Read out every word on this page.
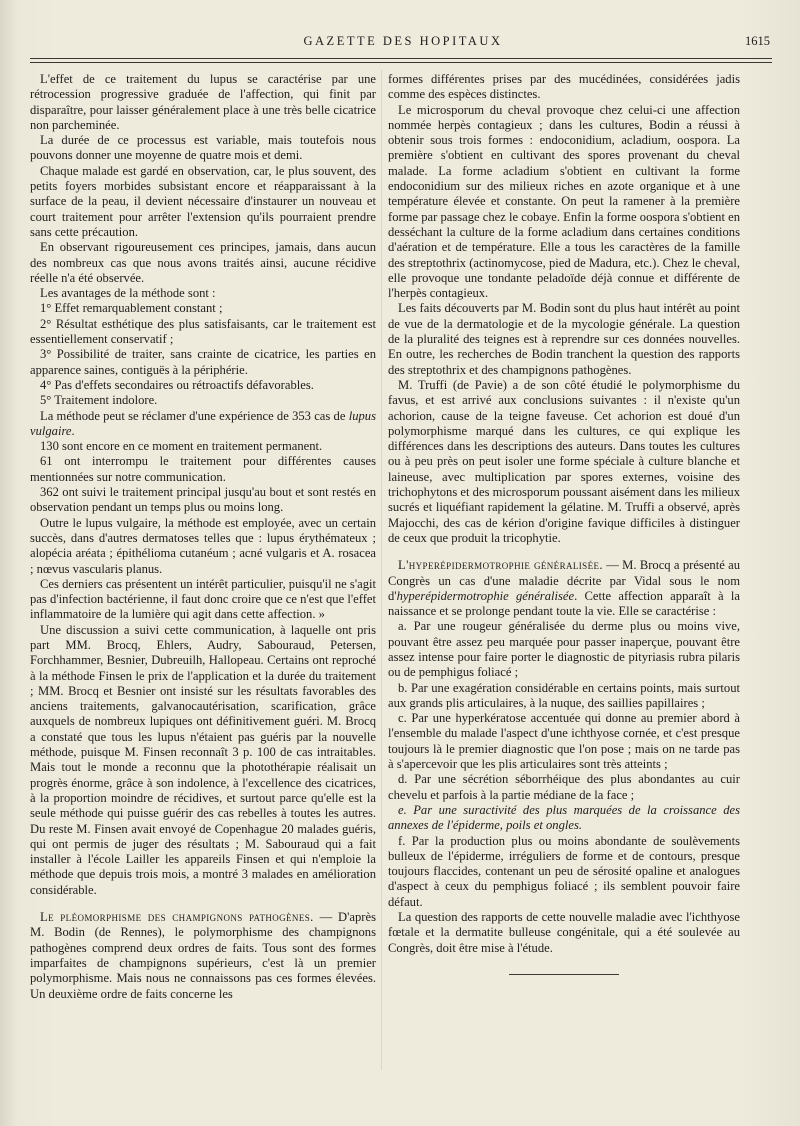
GAZETTE DES HOPITAUX	1615

L'effet de ce traitement du lupus se caractérise par une rétrocession progressive graduée de l'affection, qui finit par disparaître, pour laisser généralement place à une très belle cicatrice non parcheminée.

La durée de ce processus est variable, mais toutefois nous pouvons donner une moyenne de quatre mois et demi.

Chaque malade est gardé en observation, car, le plus souvent, des petits foyers morbides subsistant encore et réapparaissant à la surface de la peau, il devient nécessaire d'instaurer un nouveau et court traitement pour arrêter l'extension qu'ils pourraient prendre sans cette précaution.

En observant rigoureusement ces principes, jamais, dans aucun des nombreux cas que nous avons traités ainsi, aucune récidive réelle n'a été observée.

Les avantages de la méthode sont :

1° Effet remarquablement constant ;

2° Résultat esthétique des plus satisfaisants, car le traitement est essentiellement conservatif ;

3° Possibilité de traiter, sans crainte de cicatrice, les parties en apparence saines, contiguës à la périphérie.

4° Pas d'effets secondaires ou rétroactifs défavorables.

5° Traitement indolore.

La méthode peut se réclamer d'une expérience de 353 cas de lupus vulgaire.

130 sont encore en ce moment en traitement permanent.

61 ont interrompu le traitement pour différentes causes mentionnées sur notre communication.

362 ont suivi le traitement principal jusqu'au bout et sont restés en observation pendant un temps plus ou moins long.

Outre le lupus vulgaire, la méthode est employée, avec un certain succès, dans d'autres dermatoses telles que : lupus érythémateux ; alopécia aréata ; épithélioma cutanéum ; acné vulgaris et A. rosacea ; nœvus vascularis planus.

Ces derniers cas présentent un intérêt particulier, puisqu'il ne s'agit pas d'infection bactérienne, il faut donc croire que ce n'est que l'effet inflammatoire de la lumière qui agit dans cette affection. »

Une discussion a suivi cette communication, à laquelle ont pris part MM. Brocq, Ehlers, Audry, Sabouraud, Petersen, Forchhammer, Besnier, Dubreuilh, Hallopeau. Certains ont reproché à la méthode Finsen le prix de l'application et la durée du traitement ; MM. Brocq et Besnier ont insisté sur les résultats favorables des anciens traitements, galvanocautérisation, scarification, grâce auxquels de nombreux lupiques ont définitivement guéri. M. Brocq a constaté que tous les lupus n'étaient pas guéris par la nouvelle méthode, puisque M. Finsen reconnaît 3 p. 100 de cas intraitables. Mais tout le monde a reconnu que la photothérapie réalisait un progrès énorme, grâce à son indolence, à l'excellence des cicatrices, à la proportion moindre de récidives, et surtout parce qu'elle est la seule méthode qui puisse guérir des cas rebelles à toutes les autres. Du reste M. Finsen avait envoyé de Copenhague 20 malades guéris, qui ont permis de juger des résultats ; M. Sabouraud qui a fait installer à l'école Lailler les appareils Finsen et qui n'emploie la méthode que depuis trois mois, a montré 3 malades en amélioration considérable.

Le pléomorphisme des champignons pathogènes. — D'après M. Bodin (de Rennes), le polymorphisme des champignons pathogènes comprend deux ordres de faits. Tous sont des formes imparfaites de champignons supérieurs, c'est là un premier polymorphisme. Mais nous ne connaissons pas ces formes élevées. Un deuxième ordre de faits concerne les

formes différentes prises par des mucédinées, considérées jadis comme des espèces distinctes.

Le microsporum du cheval provoque chez celui-ci une affection nommée herpès contagieux ; dans les cultures, Bodin a réussi à obtenir sous trois formes : endoconidium, acladium, oospora. La première s'obtient en cultivant des spores provenant du cheval malade. La forme acladium s'obtient en cultivant la forme endoconidium sur des milieux riches en azote organique et à une température élevée et constante. On peut la ramener à la première forme par passage chez le cobaye. Enfin la forme oospora s'obtient en desséchant la culture de la forme acladium dans certaines conditions d'aération et de température. Elle a tous les caractères de la famille des streptothrix (actinomycose, pied de Madura, etc.). Chez le cheval, elle provoque une tondante peladoïde déjà connue et différente de l'herpès contagieux.

Les faits découverts par M. Bodin sont du plus haut intérêt au point de vue de la dermatologie et de la mycologie générale. La question de la pluralité des teignes est à reprendre sur ces données nouvelles. En outre, les recherches de Bodin tranchent la question des rapports des streptothrix et des champignons pathogènes.

M. Truffi (de Pavie) a de son côté étudié le polymorphisme du favus, et est arrivé aux conclusions suivantes : il n'existe qu'un achorion, cause de la teigne faveuse. Cet achorion est doué d'un polymorphisme marqué dans les cultures, ce qui explique les différences dans les descriptions des auteurs. Dans toutes les cultures ou à peu près on peut isoler une forme spéciale à culture blanche et laineuse, avec multiplication par spores externes, voisine des trichophytons et des microsporum poussant aisément dans les milieux sucrés et liquéfiant rapidement la gélatine. M. Truffi a observé, après Majocchi, des cas de kérion d'origine favique difficiles à distinguer de ceux que produit la tricophytie.

L'hyperépidermotrophie généralisée. — M. Brocq a présenté au Congrès un cas d'une maladie décrite par Vidal sous le nom d'hyperépidermotrophie généralisée. Cette affection apparaît à la naissance et se prolonge pendant toute la vie. Elle se caractérise :

a. Par une rougeur généralisée du derme plus ou moins vive, pouvant être assez peu marquée pour passer inaperçue, pouvant être assez intense pour faire porter le diagnostic de pityriasis rubra pilaris ou de pemphigus foliacé ;

b. Par une exagération considérable en certains points, mais surtout aux grands plis articulaires, à la nuque, des saillies papillaires ;

c. Par une hyperkératose accentuée qui donne au premier abord à l'ensemble du malade l'aspect d'une ichthyose cornée, et c'est presque toujours là le premier diagnostic que l'on pose ; mais on ne tarde pas à s'apercevoir que les plis articulaires sont très atteints ;

d. Par une sécrétion séborrhéique des plus abondantes au cuir chevelu et parfois à la partie médiane de la face ;

e. Par une suractivité des plus marquées de la croissance des annexes de l'épiderme, poils et ongles.

f. Par la production plus ou moins abondante de soulèvements bulleux de l'épiderme, irréguliers de forme et de contours, presque toujours flaccides, contenant un peu de sérosité opaline et analogues d'aspect à ceux du pemphigus foliacé ; ils semblent pouvoir faire défaut.

La question des rapports de cette nouvelle maladie avec l'ichthyose fœtale et la dermatite bulleuse congénitale, qui a été soulevée au Congrès, doit être mise à l'étude.
